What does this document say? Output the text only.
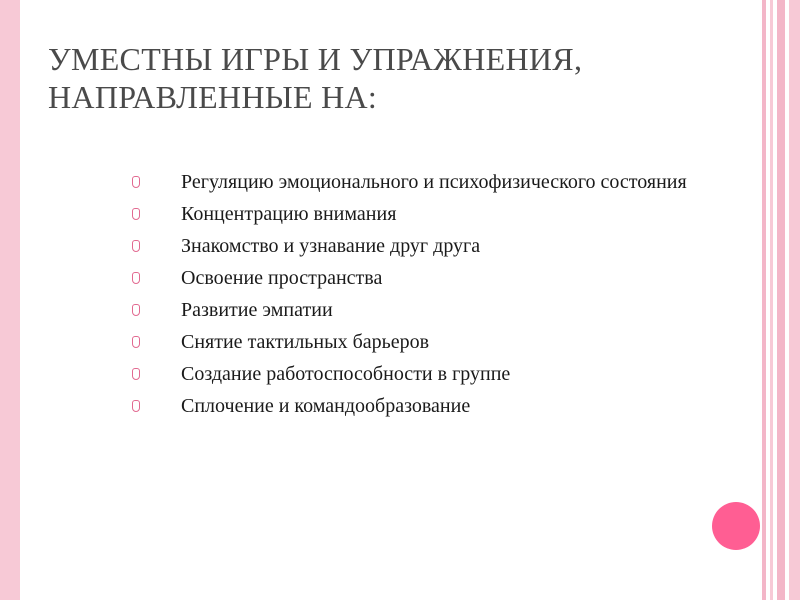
УМЕСТНЫ ИГРЫ И УПРАЖНЕНИЯ,
НАПРАВЛЕННЫЕ НА:
Регуляцию эмоционального и психофизического состояния
Концентрацию внимания
Знакомство и узнавание друг друга
Освоение пространства
Развитие эмпатии
Снятие тактильных барьеров
Создание работоспособности в группе
Сплочение и командообразование
